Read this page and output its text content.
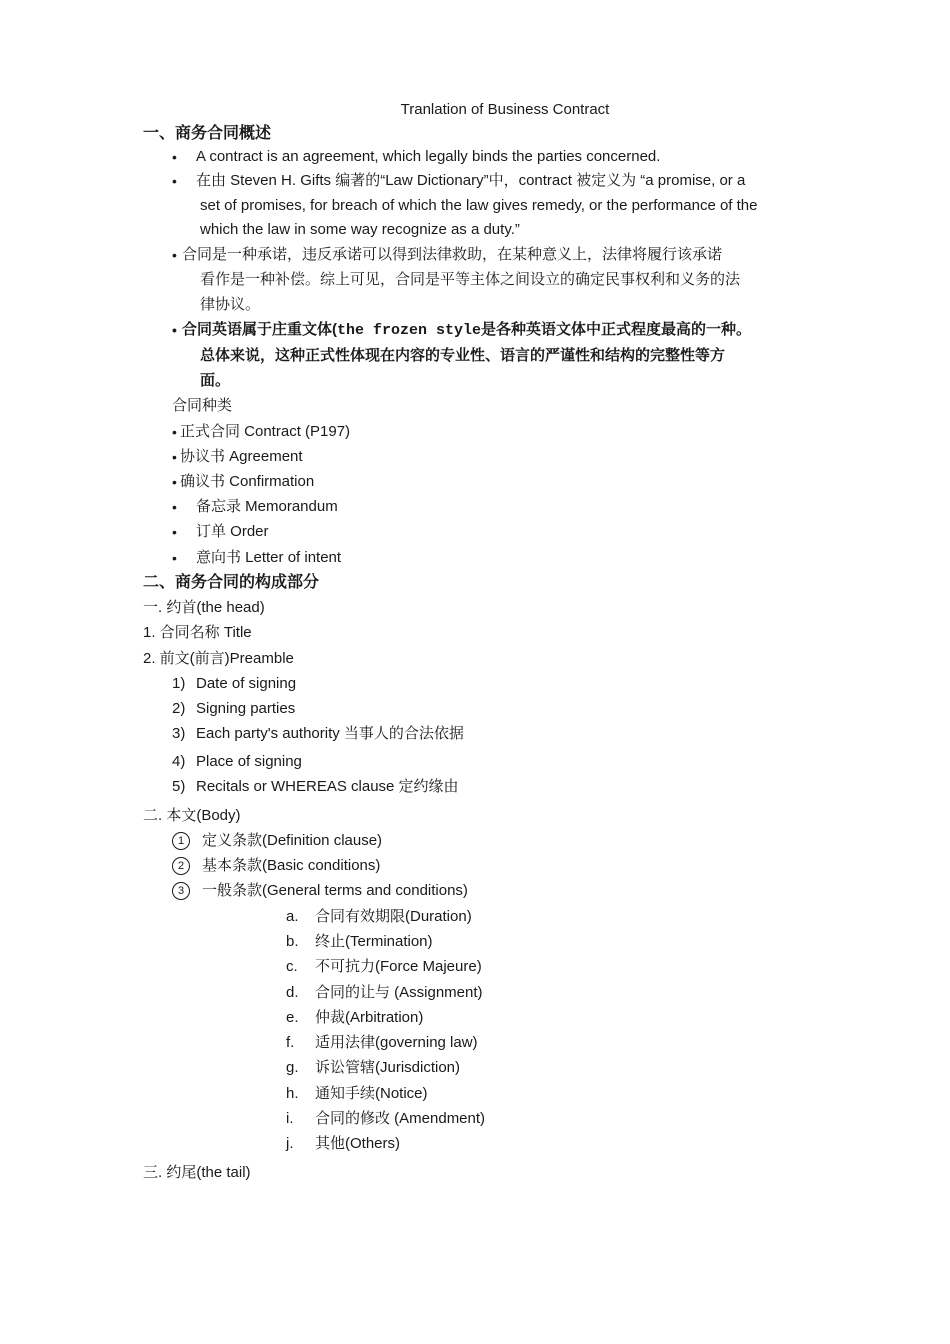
Tranlation of Business Contract
一、商务合同概述
• A contract is an agreement, which legally binds the parties concerned.
• 在由 Steven H. Gifts 编著的“Law Dictionary”中，contract 被定义为 “a promise, or a
set of promises, for breach of which the law gives remedy, or the performance of the
which the law in some way recognize as a duty.”
• 合同是一种承诺，违反承诺可以得到法律救助，在某种意义上，法律将履行该承诺
看作是一种补偿。综上可见，合同是平等主体之间设立的确定民事权利和义务的法
律协议。
• 合同英语属于庄重文体(the frozen style是各种英语文体中正式程度最高的一种。
总体来说，这种正式性体现在内容的专业性、语言的严谨性和结构的完整性等方
面。
合同种类
• 正式合同 Contract (P197)
• 协议书 Agreement
• 确议书 Confirmation
• 备忘录 Memorandum
• 订单 Order
• 意向书 Letter of intent
二、商务合同的构成部分
一. 约首(the head)
1. 合同名称 Title
2. 前文(前言)Preamble
1) Date of signing
2) Signing parties
3) Each party's authority 当事人的合法依据
4) Place of signing
5) Recitals or WHEREAS clause 定约缘由
二. 本文(Body)
1 定义条款(Definition clause)
2 基本条款(Basic conditions)
3 一般条款(General terms and conditions)
a. 合同有效期限(Duration)
b. 终止(Termination)
c. 不可抗力(Force Majeure)
d. 合同的让与 (Assignment)
e. 仲裁(Arbitration)
f. 适用法律(governing law)
g. 诉讼管辖(Jurisdiction)
h. 通知手续(Notice)
i. 合同的修改 (Amendment)
j. 其他(Others)
三. 约尾(the tail)
